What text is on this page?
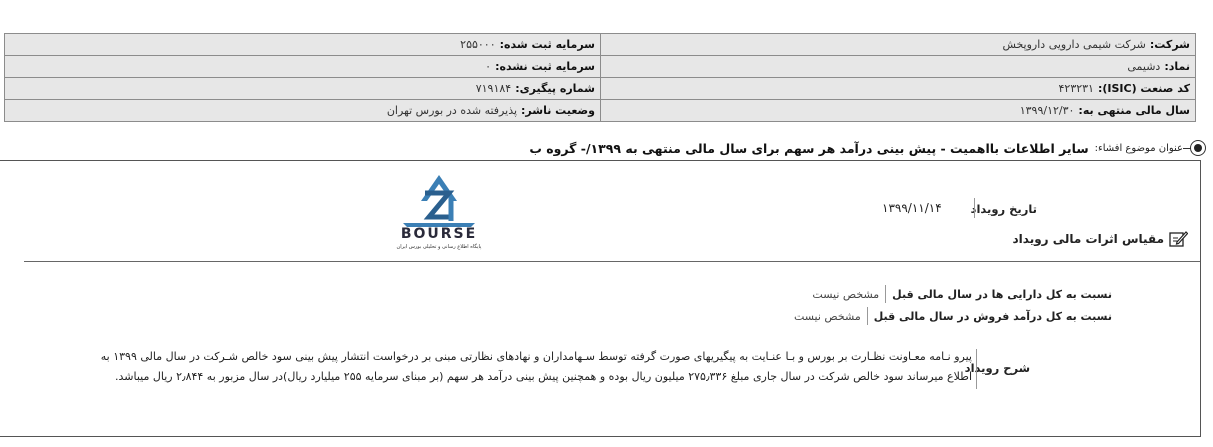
سرمایه ثبت شده:۲۵۵۰۰۰	شرکت:شرکت شیمی دارویی داروپخش
سرمایه ثبت نشده:۰	نماد:دشیمی
شماره پیگیری:۷۱۹۱۸۴	کد صنعت (ISIC):۴۲۳۲۳۱
وضعیت ناشر:پذیرفته شده در بورس تهران	سال مالی منتهی به:۱۳۹۹/۱۲/۳۰
عنوان موضوع افشاء:
سایر اطلاعات بااهمیت - پیش بینی درآمد هر سهم برای سال مالی منتهی به ۱۳۹۹/- گروه ب
BOURSE
پایگاه اطلاع رسانی و تحلیلی بورس ایران
تاریخ رویداد
۱۳۹۹/۱۱/۱۴
مقیاس اثرات مالی رویداد
نسبت به کل دارایی ها در سال مالی قبل
مشخص نیست
نسبت به کل درآمد فروش در سال مالی قبل
مشخص نیست
شرح رویداد
پیرو نـامه معـاونت نظـارت بر بورس و بـا عنـایت به پیگیریهای صورت گرفته توسط سـهامداران و نهادهای نظارتی مبنی بر درخواست انتشار پیش بینی سود خالص شـرکت در سال مالی ۱۳۹۹ به اطلاع میرساند سود خالص شرکت در سال جاری مبلغ ۲۷۵٫۳۳۶ میلیون ریال بوده و همچنین پیش بینی درآمد هر سهم (بر مبنای سرمایه ۲۵۵ میلیارد ریال)در سال مزبور به ۲٫۸۴۴ ریال میباشد.
